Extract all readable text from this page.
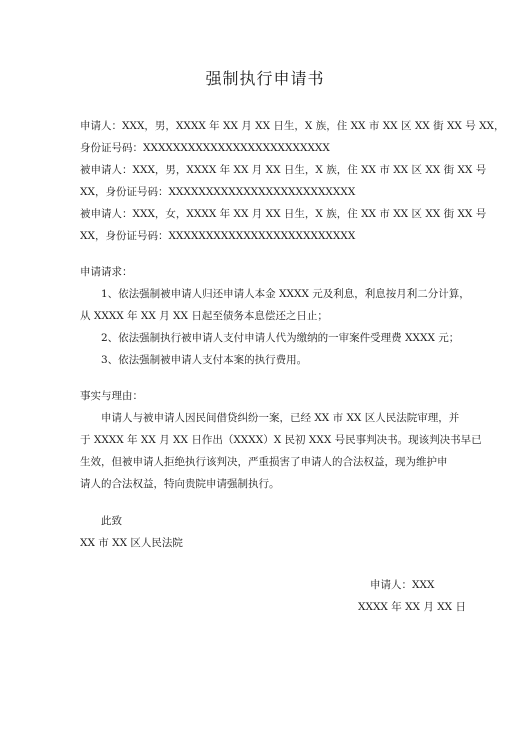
强制执行申请书
申请人：XXX，男，XXXX 年 XX 月 XX 日生，X 族，住 XX 市 XX 区 XX 街 XX 号 XX，
身份证号码：XXXXXXXXXXXXXXXXXXXXXXXXX
被申请人：XXX，男，XXXX 年 XX 月 XX 日生，X 族，住 XX 市 XX 区 XX 街 XX 号
XX，身份证号码：XXXXXXXXXXXXXXXXXXXXXXXXX
被申请人：XXX，女，XXXX 年 XX 月 XX 日生，X 族，住 XX 市 XX 区 XX 街 XX 号
XX，身份证号码：XXXXXXXXXXXXXXXXXXXXXXXXX
申请请求：
1、依法强制被申请人归还申请人本金 XXXX 元及利息，利息按月利二分计算，
从 XXXX 年 XX 月 XX 日起至债务本息偿还之日止；
2、依法强制执行被申请人支付申请人代为缴纳的一审案件受理费 XXXX 元；
3、依法强制被申请人支付本案的执行费用。
事实与理由：
申请人与被申请人因民间借贷纠纷一案，已经 XX 市 XX 区人民法院审理，并
于 XXXX 年 XX 月 XX 日作出（XXXX）X 民初 XXX 号民事判决书。现该判决书早已
生效，但被申请人拒绝执行该判决，严重损害了申请人的合法权益，现为维护申
请人的合法权益，特向贵院申请强制执行。
此致
XX 市 XX 区人民法院
申请人：XXX
XXXX 年 XX 月 XX 日
